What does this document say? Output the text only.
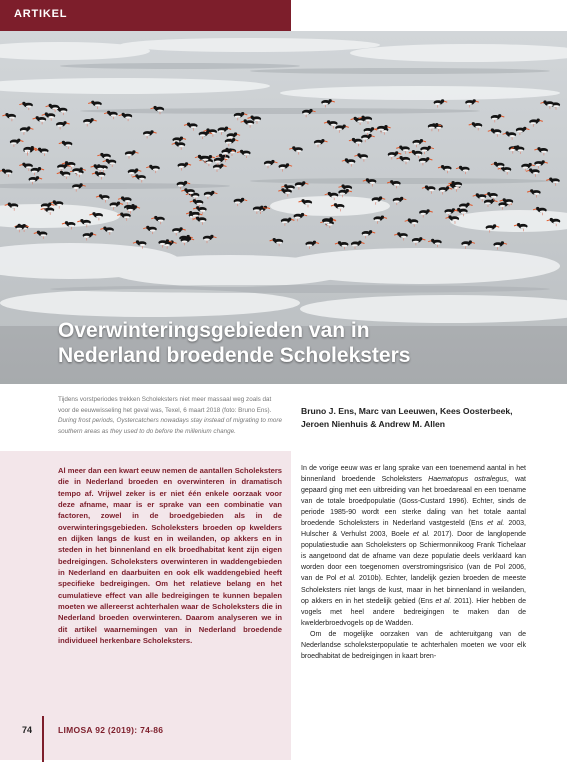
ARTIKEL
Overwinteringsgebieden van in
Nederland broedende Scholeksters

Tijdens vorstperiodes trekken Scholeksters niet meer massaal weg zoals dat voor de eeuwwisseling het geval was, Texel, 6 maart 2018 (foto: Bruno Ens). During frost periods, Oystercatchers nowadays stay instead of migrating to more southern areas as they used to do before the millenium change.

Bruno J. Ens, Marc van Leeuwen, Kees Oosterbeek, Jeroen Nienhuis & Andrew M. Allen

Al meer dan een kwart eeuw nemen de aantallen Scholeksters die in Nederland broeden en overwinteren in dramatisch tempo af. Vrijwel zeker is er niet één enkele oorzaak voor deze afname, maar is er sprake van een combinatie van factoren, zowel in de broedgebieden als in de overwinteringsgebieden. Scholeksters broeden op kwelders en dijken langs de kust en in weilanden, op akkers en in steden in het binnenland en elk broedhabitat kent zijn eigen bedreigingen. Scholeksters overwinteren in waddengebieden in Nederland en daarbuiten en ook elk waddengebied heeft specifieke bedreigingen. Om het relatieve belang en het cumulatieve effect van alle bedreigingen te kunnen bepalen moeten we allereerst achterhalen waar de Scholeksters die in Nederland broeden overwinteren. Daarom analyseren we in dit artikel waarnemingen van in Nederland broedende individueel herkenbare Scholeksters.

In de vorige eeuw was er lang sprake van een toenemend aantal in het binnenland broedende Scholeksters Haematopus ostralegus, wat gepaard ging met een uitbreiding van het broedareaal en een toename van de totale broedpopulatie (Goss-Custard 1996). Echter, sinds de periode 1985-90 wordt een sterke daling van het totale aantal broedende Scholeksters in Nederland vastgesteld (Ens et al. 2003, Hulscher & Verhulst 2003, Boele et al. 2017). Door de langlopende populatiestudie aan Scholeksters op Schiermonnikoog Frank Tichelaar is aangetoond dat de afname van deze populatie deels verklaard kan worden door een toegenomen overstromingsrisico (van de Pol 2006, van de Pol et al. 2010b). Echter, landelijk gezien broeden de meeste Scholeksters niet langs de kust, maar in het binnenland in weilanden, op akkers en in het stedelijk gebied (Ens et al. 2011). Hier hebben de vogels met heel andere bedreigingen te maken dan de kwelderbroedvogels op de Wadden.

Om de mogelijke oorzaken van de achteruitgang van de Nederlandse scholeksterpopulatie te achterhalen moeten we voor elk broedhabitat de bedreigingen in kaart bren-

74	LIMOSA 92 (2019): 74-86
